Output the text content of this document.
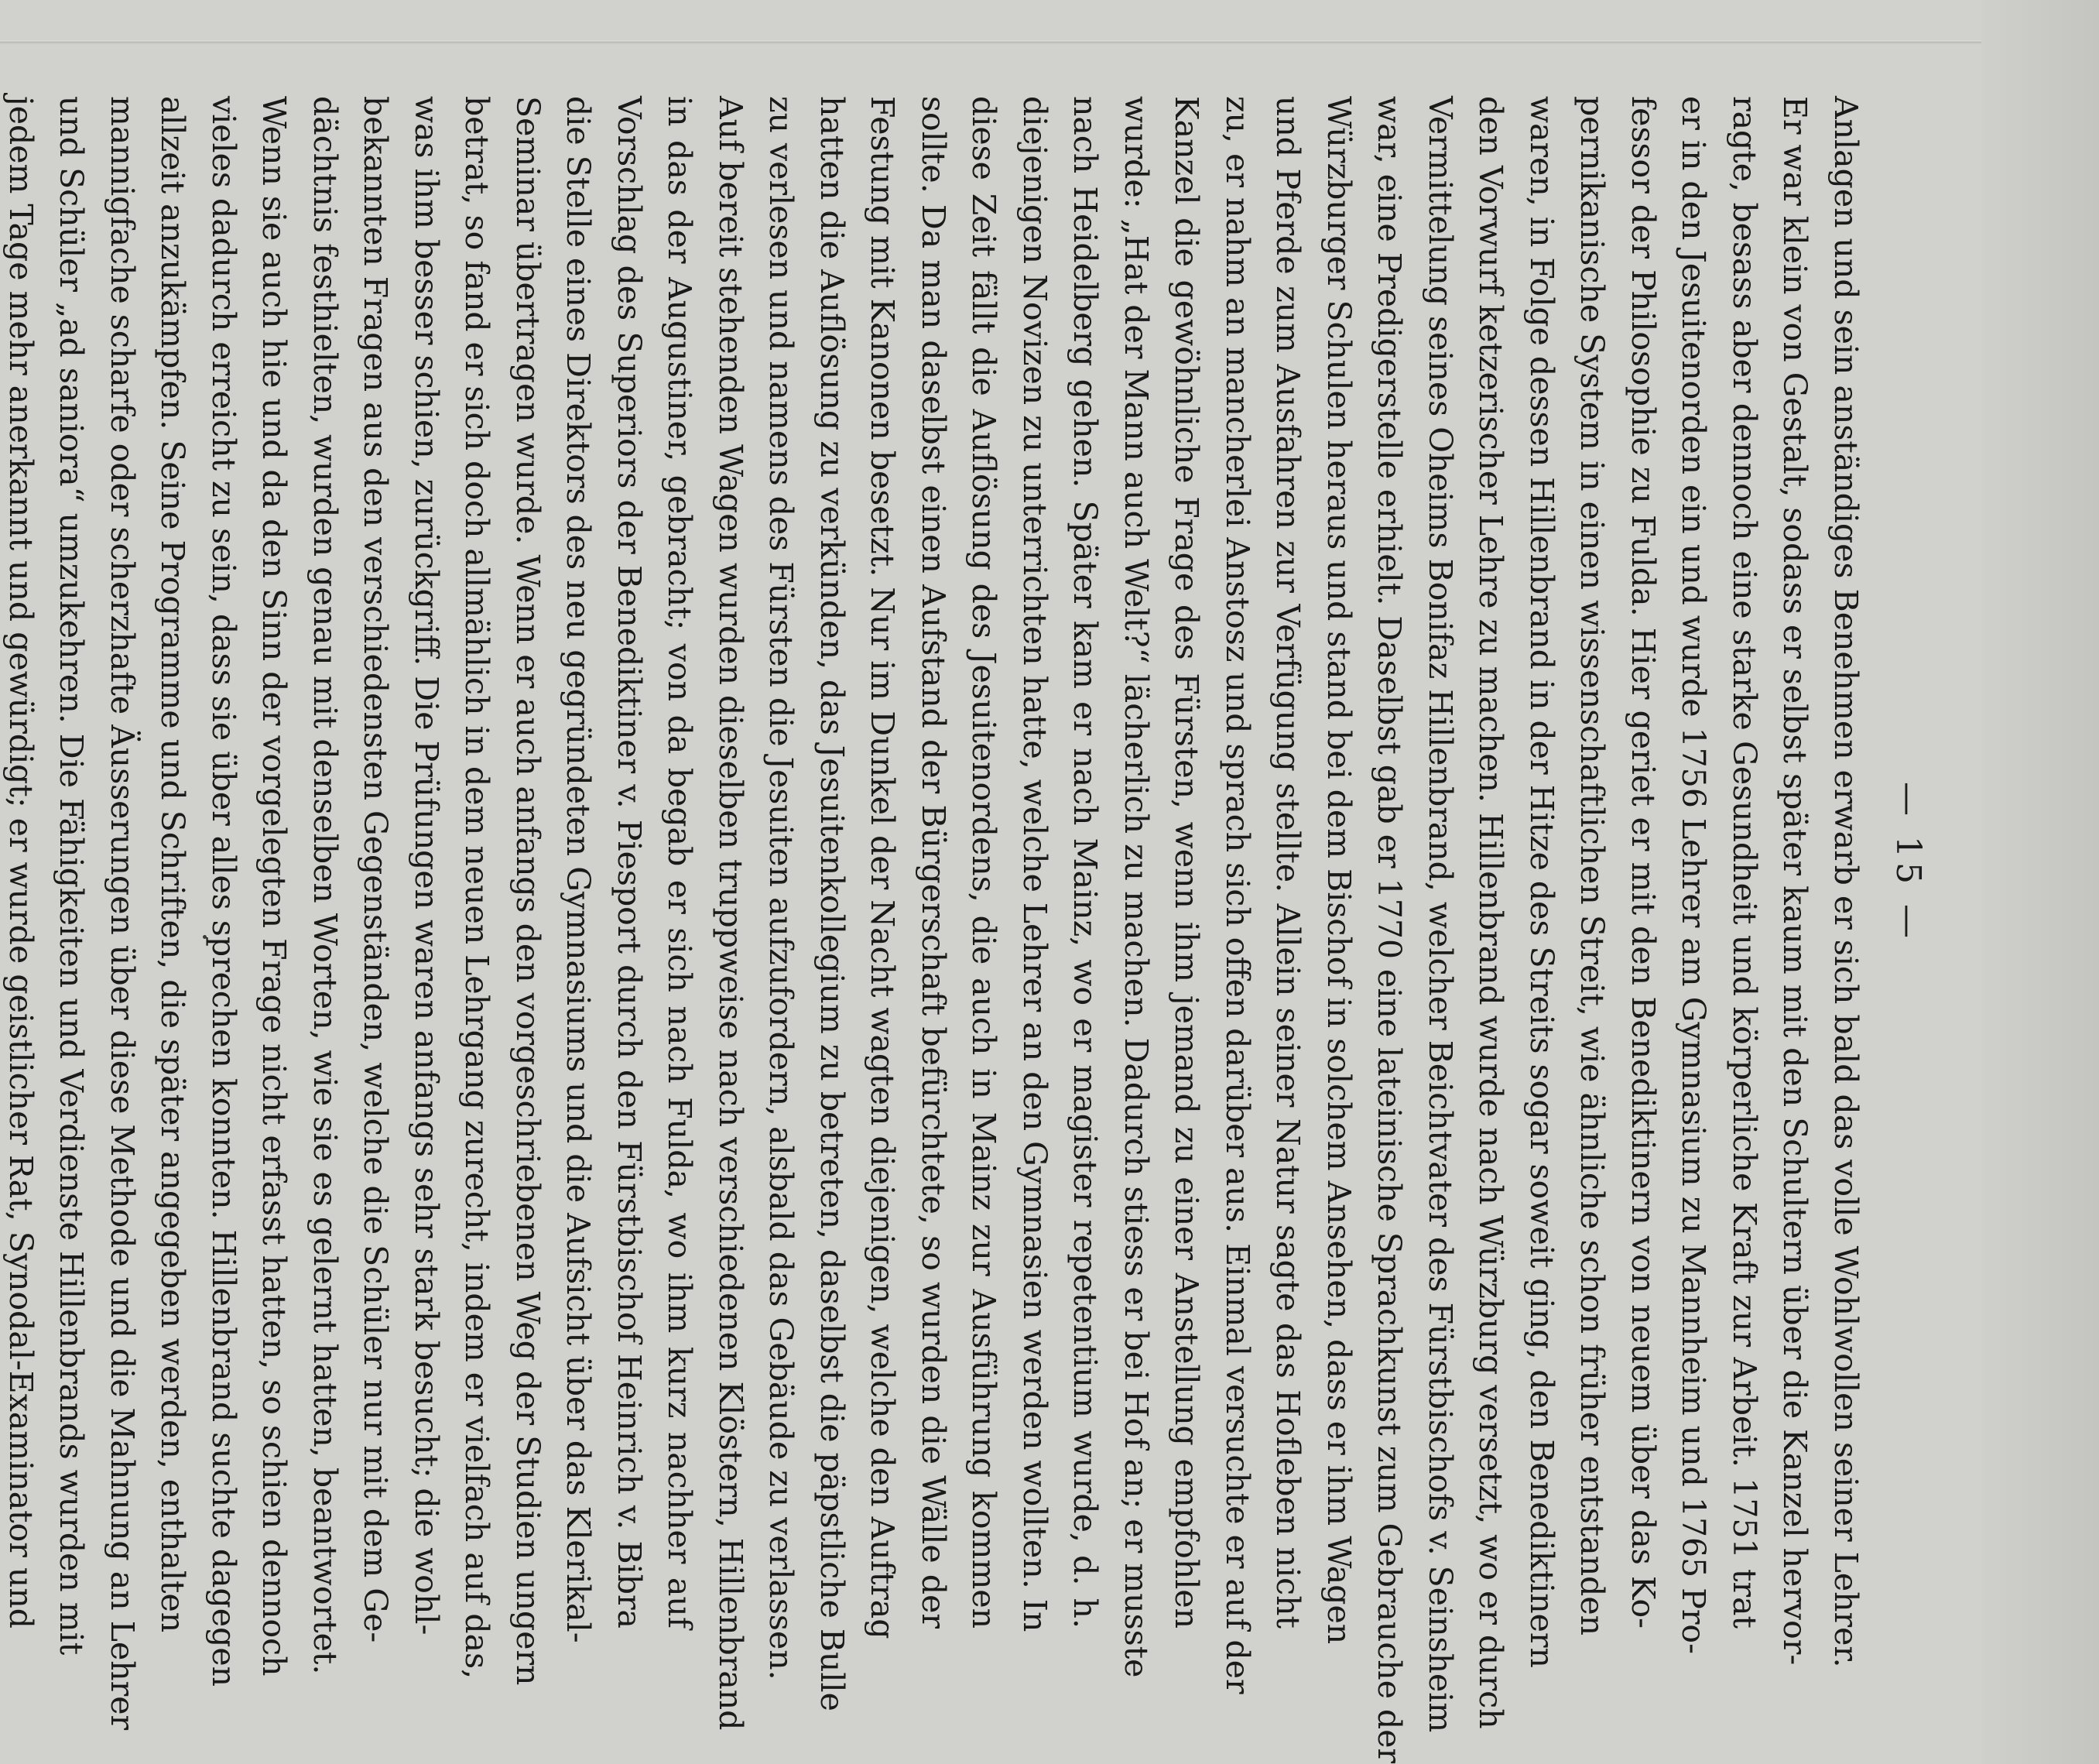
— 15 —
Anlagen und sein anständiges Benehmen erwarb er sich bald das volle Wohlwollen seiner Lehrer.
Er war klein von Gestalt, sodass er selbst später kaum mit den Schultern über die Kanzel hervor-
ragte, besass aber dennoch eine starke Gesundheit und körperliche Kraft zur Arbeit. 1751 trat
er in den Jesuitenorden ein und wurde 1756 Lehrer am Gymnasium zu Mannheim und 1765 Pro-
fessor der Philosophie zu Fulda. Hier geriet er mit den Benediktinern von neuem über das Ko-
pernikanische System in einen wissenschaftlichen Streit, wie ähnliche schon früher entstanden
waren, in Folge dessen Hillenbrand in der Hitze des Streits sogar soweit ging, den Benediktinern
den Vorwurf ketzerischer Lehre zu machen. Hillenbrand wurde nach Würzburg versetzt, wo er durch
Vermittelung seines Oheims Bonifaz Hillenbrand, welcher Beichtvater des Fürstbischofs v. Seinsheim
war, eine Predigerstelle erhielt. Daselbst gab er 1770 eine lateinische Sprachkunst zum Gebrauche der
Würzburger Schulen heraus und stand bei dem Bischof in solchem Ansehen, dass er ihm Wagen
und Pferde zum Ausfahren zur Verfügung stellte. Allein seiner Natur sagte das Hofleben nicht
zu, er nahm an mancherlei Anstosz und sprach sich offen darüber aus. Einmal versuchte er auf der
Kanzel die gewöhnliche Frage des Fürsten, wenn ihm jemand zu einer Anstellung empfohlen
wurde: „Hat der Mann auch Welt?“ lächerlich zu machen. Dadurch stiess er bei Hof an; er musste
nach Heidelberg gehen. Später kam er nach Mainz, wo er magister repetentium wurde, d. h.
diejenigen Novizen zu unterrichten hatte, welche Lehrer an den Gymnasien werden wollten. In
diese Zeit fällt die Auflösung des Jesuitenordens, die auch in Mainz zur Ausführung kommen
sollte. Da man daselbst einen Aufstand der Bürgerschaft befürchtete, so wurden die Wälle der
Festung mit Kanonen besetzt. Nur im Dunkel der Nacht wagten diejenigen, welche den Auftrag
hatten die Auflösung zu verkünden, das Jesuitenkollegium zu betreten, daselbst die päpstliche Bulle
zu verlesen und namens des Fürsten die Jesuiten aufzufordern, alsbald das Gebäude zu verlassen.
Auf bereit stehenden Wagen wurden dieselben truppweise nach verschiedenen Klöstern, Hillenbrand
in das der Augustiner, gebracht; von da begab er sich nach Fulda, wo ihm kurz nachher auf
Vorschlag des Superiors der Benediktiner v. Piesport durch den Fürstbischof Heinrich v. Bibra
die Stelle eines Direktors des neu gegründeten Gymnasiums und die Aufsicht über das Klerikal-
Seminar übertragen wurde. Wenn er auch anfangs den vorgeschriebenen Weg der Studien ungern
betrat, so fand er sich doch allmählich in dem neuen Lehrgang zurecht, indem er vielfach auf das,
was ihm besser schien, zurückgriff. Die Prüfungen waren anfangs sehr stark besucht; die wohl-
bekannten Fragen aus den verschiedensten Gegenständen, welche die Schüler nur mit dem Ge-
dächtnis festhielten, wurden genau mit denselben Worten, wie sie es gelernt hatten, beantwortet.
Wenn sie auch hie und da den Sinn der vorgelegten Frage nicht erfasst hatten, so schien dennoch
vieles dadurch erreicht zu sein, dass sie über alles sprechen konnten. Hillenbrand suchte dagegen
allzeit anzukämpfen. Seine Programme und Schriften, die später angegeben werden, enthalten
mannigfache scharfe oder scherzhafte Äusserungen über diese Methode und die Mahnung an Lehrer
und Schüler „ad saniora“ umzukehren. Die Fähigkeiten und Verdienste Hillenbrands wurden mit
jedem Tage mehr anerkannt und gewürdigt; er wurde geistlicher Rat, Synodal-Examinator und
